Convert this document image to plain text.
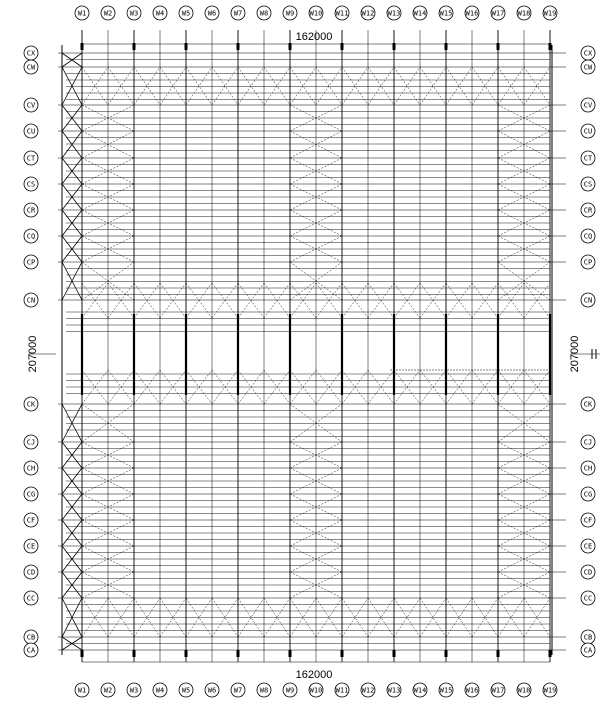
162000
162000
207000	207000
W1
W1
W2
W2
W3
W3
W4
W4
W5
W5
W6
W6
W7
W7
W8
W8
W9
W9
W10
W10
W11
W11
W12
W12
W13
W13
W14
W14
W15
W15
W16
W16
W17
W17
W18
W18
W19
W19
CX	CX
CW	CW
CV	CV
CU	CU
CT	CT
CS	CS
CR	CR
CQ	CQ
CP	CP
CN	CN
CK	CK
CJ	CJ
CH	CH
CG	CG
CF	CF
CE	CE
CD	CD
CC	CC
CB	CB
CA	CA
